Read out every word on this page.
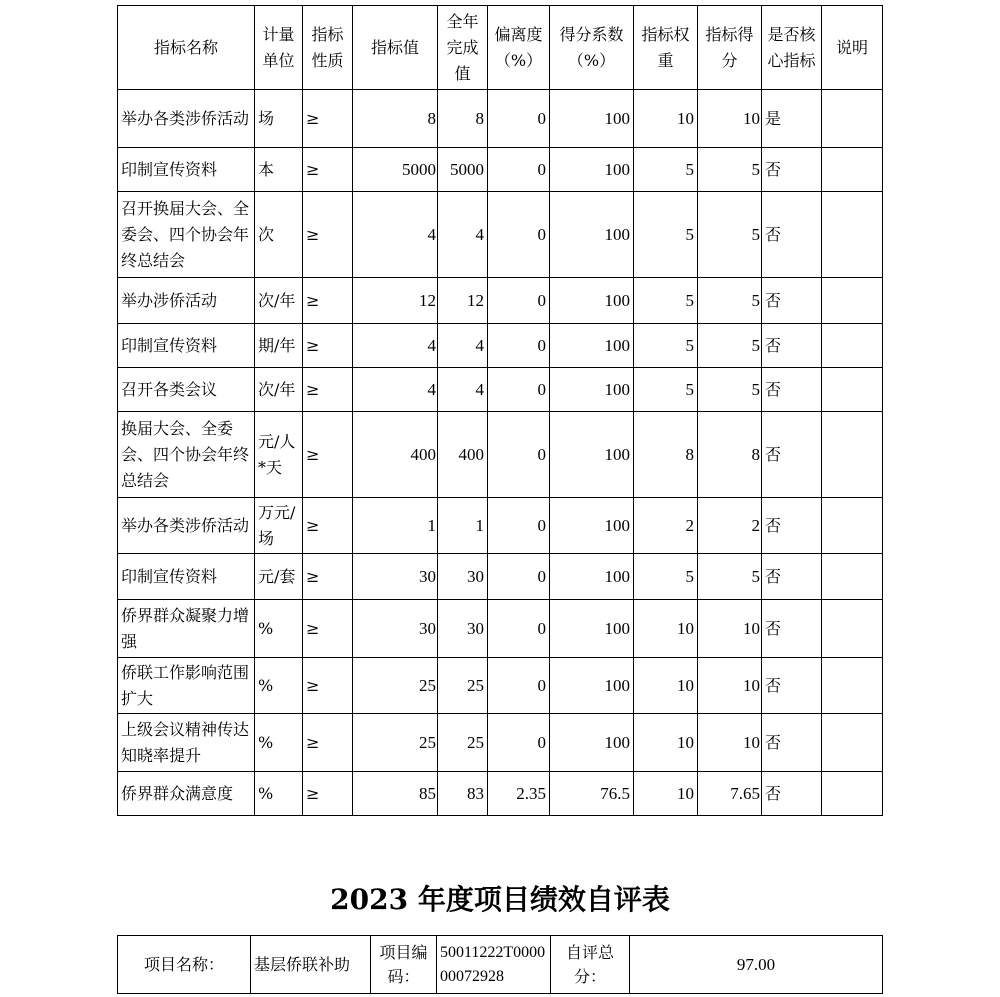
指标名称	计量单位	指标性质	指标值	全年完成值	偏离度（%）	得分系数（%）	指标权重	指标得分	是否核心指标	说明
举办各类涉侨活动	场	≥	8	8	0	100	10	10	是	
印制宣传资料	本	≥	5000	5000	0	100	5	5	否	
召开换届大会、全委会、四个协会年终总结会	次	≥	4	4	0	100	5	5	否	
举办涉侨活动	次/年	≥	12	12	0	100	5	5	否	
印制宣传资料	期/年	≥	4	4	0	100	5	5	否	
召开各类会议	次/年	≥	4	4	0	100	5	5	否	
换届大会、全委会、四个协会年终总结会	元/人*天	≥	400	400	0	100	8	8	否	
举办各类涉侨活动	万元/场	≥	1	1	0	100	2	2	否	
印制宣传资料	元/套	≥	30	30	0	100	5	5	否	
侨界群众凝聚力增强	%	≥	30	30	0	100	10	10	否	
侨联工作影响范围扩大	%	≥	25	25	0	100	10	10	否	
上级会议精神传达知晓率提升	%	≥	25	25	0	100	10	10	否	
侨界群众满意度	%	≥	85	83	2.35	76.5	10	7.65	否	
2023 年度项目绩效自评表
项目名称：	基层侨联补助	项目编码：	50011222T000000072928	自评总分：	97.00
